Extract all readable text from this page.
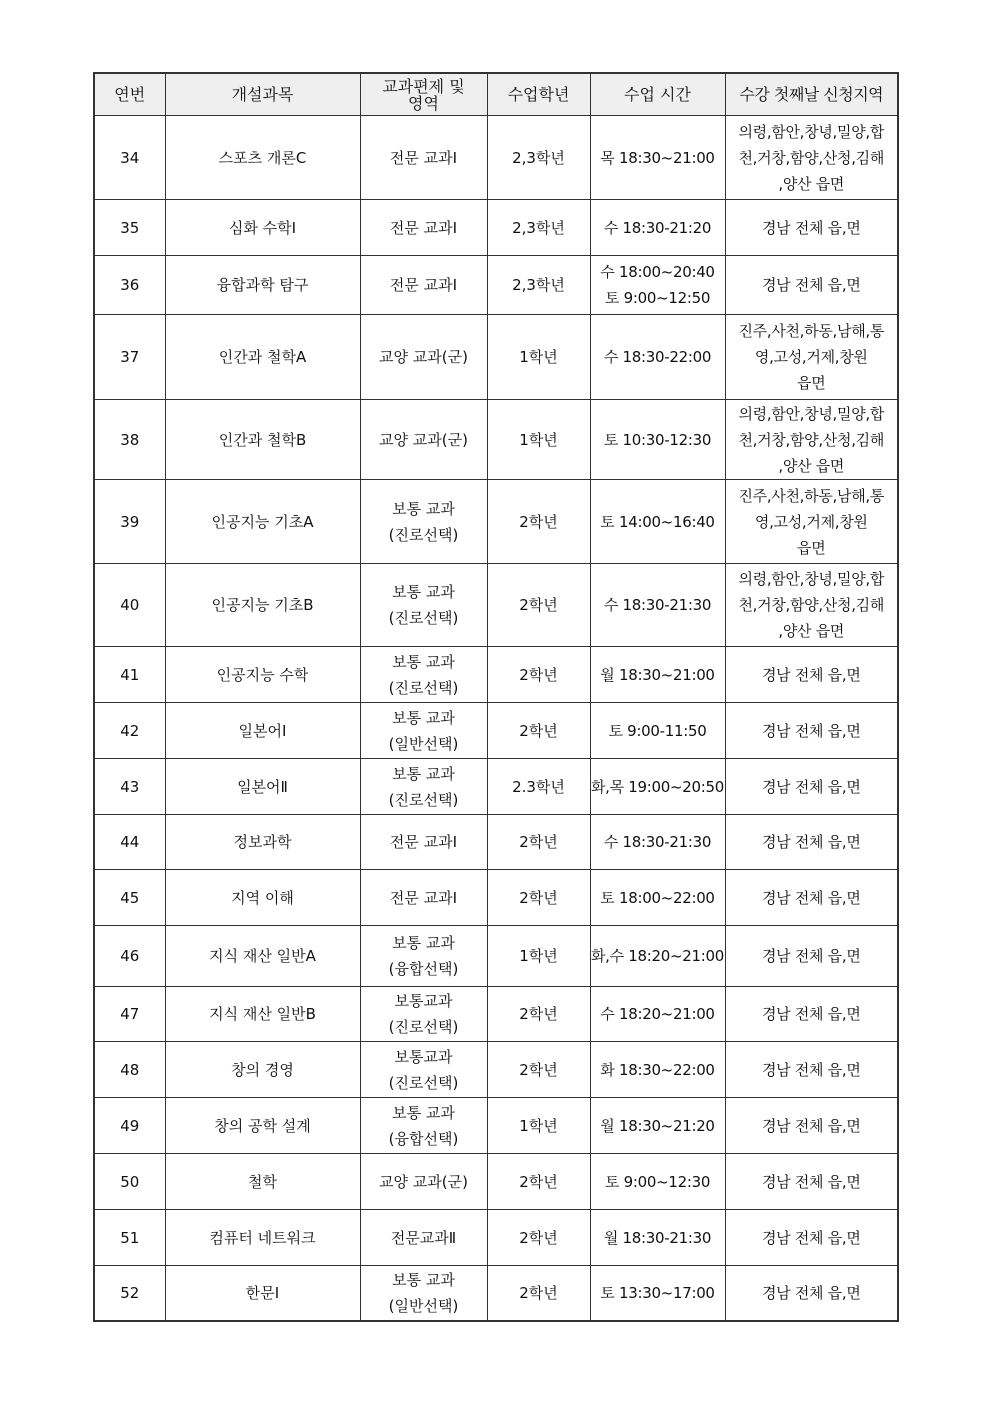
연번	개설과목	교과편제 및 영역	수업학년	수업 시간	수강 첫째날 신청지역
34	스포츠 개론C	전문 교과Ⅰ	2,3학년	목 18:30~21:00	의령,함안,창녕,밀양,합
천,거창,함양,산청,김해
,양산 읍면

35	심화 수학Ⅰ	전문 교과Ⅰ	2,3학년	수 18:30-21:20	경남 전체 읍,면

36	융합과학 탐구	전문 교과Ⅰ	2,3학년	수 18:00~20:40
토 9:00~12:50	경남 전체 읍,면

37	인간과 철학A	교양 교과(군)	1학년	수 18:30-22:00	진주,사천,하동,남해,통
영,고성,거제,창원
읍면

38	인간과 철학B	교양 교과(군)	1학년	토 10:30-12:30	의령,함안,창녕,밀양,합
천,거창,함양,산청,김해
,양산 읍면

39	인공지능 기초A	보통 교과
(진로선택)	2학년	토 14:00~16:40	진주,사천,하동,남해,통
영,고성,거제,창원
읍면

40	인공지능 기초B	보통 교과
(진로선택)	2학년	수 18:30-21:30	의령,함안,창녕,밀양,합
천,거창,함양,산청,김해
,양산 읍면

41	인공지능 수학	보통 교과
(진로선택)	2학년	월 18:30~21:00	경남 전체 읍,면

42	일본어Ⅰ	보통 교과
(일반선택)	2학년	토 9:00-11:50	경남 전체 읍,면

43	일본어Ⅱ	보통 교과
(진로선택)	2.3학년	화,목 19:00~20:50	경남 전체 읍,면

44	정보과학	전문 교과Ⅰ	2학년	수 18:30-21:30	경남 전체 읍,면

45	지역 이해	전문 교과Ⅰ	2학년	토 18:00~22:00	경남 전체 읍,면

46	지식 재산 일반A	보통 교과
(융합선택)	1학년	화,수 18:20~21:00	경남 전체 읍,면

47	지식 재산 일반B	보통교과
(진로선택)	2학년	수 18:20~21:00	경남 전체 읍,면

48	창의 경영	보통교과
(진로선택)	2학년	화 18:30~22:00	경남 전체 읍,면

49	창의 공학 설계	보통 교과
(융합선택)	1학년	월 18:30~21:20	경남 전체 읍,면

50	철학	교양 교과(군)	2학년	토 9:00~12:30	경남 전체 읍,면

51	컴퓨터 네트워크	전문교과Ⅱ	2학년	월 18:30-21:30	경남 전체 읍,면

52	한문Ⅰ	보통 교과
(일반선택)	2학년	토 13:30~17:00	경남 전체 읍,면
